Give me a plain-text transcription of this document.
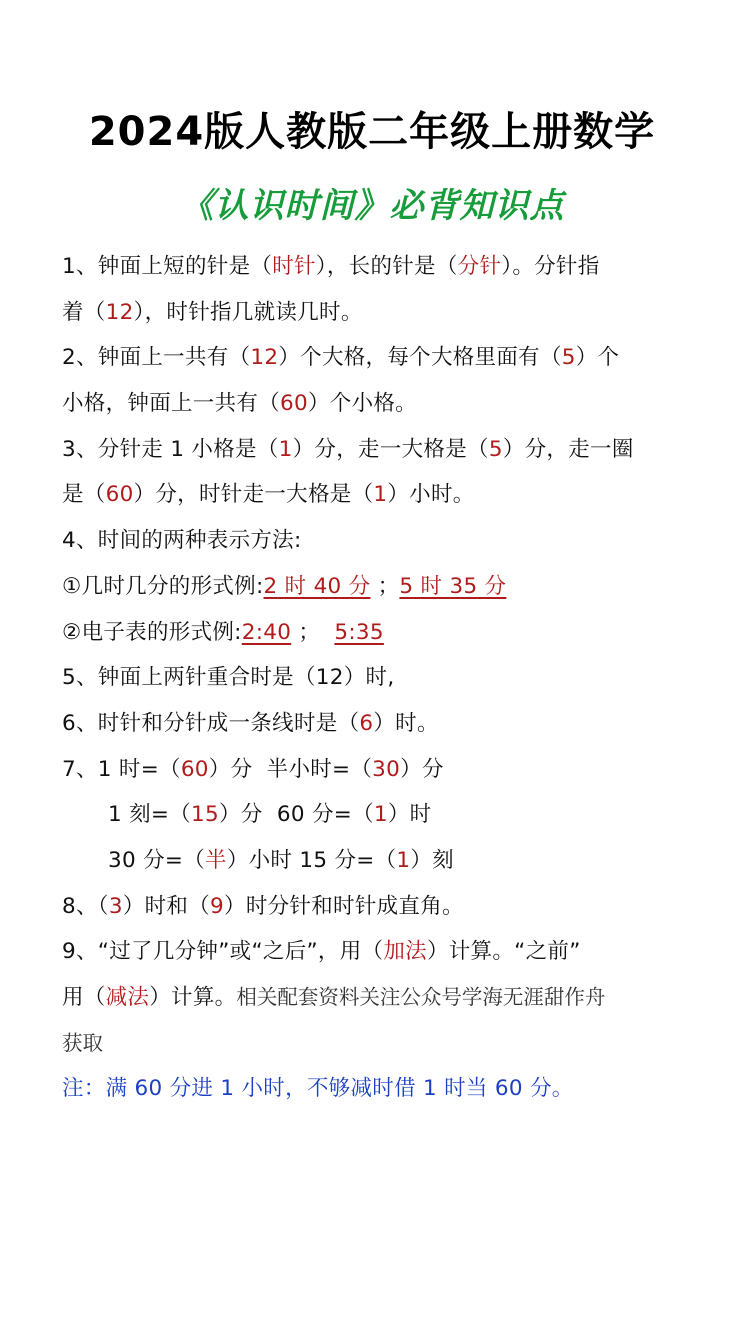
2024版人教版二年级上册数学
《认识时间》必背知识点
1、钟面上短的针是（时针），长的针是（分针）。分针指
着（12），时针指几就读几时。
2、钟面上一共有（12）个大格，每个大格里面有（5）个
小格，钟面上一共有（60）个小格。
3、分针走 1 小格是（1）分，走一大格是（5）分，走一圈
是（60）分，时针走一大格是（1）小时。
4、时间的两种表示方法:
①几时几分的形式例:2 时 40 分 ；5 时 35 分
②电子表的形式例:2:40 ；  5:35
5、钟面上两针重合时是（12）时,
6、时针和分针成一条线时是（6）时。
7、1 时=（60）分  半小时=（30）分
1 刻=（15）分  60 分=（1）时
30 分=（半）小时 15 分=（1）刻
8、（3）时和（9）时分针和时针成直角。
9、“过了几分钟”或“之后”，用（加法）计算。“之前”
用（减法）计算。相关配套资料关注公众号学海无涯甜作舟
获取
注：满 60 分进 1 小时，不够减时借 1 时当 60 分。
